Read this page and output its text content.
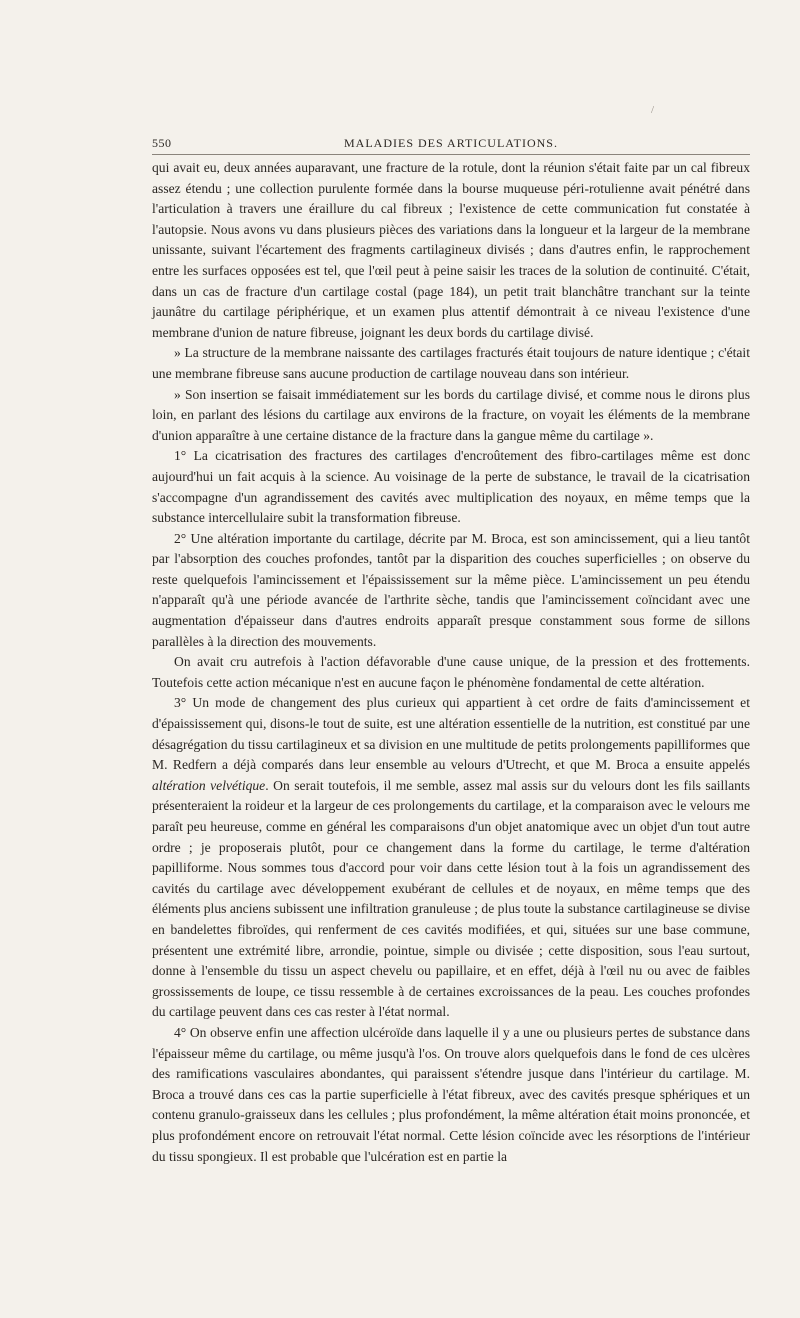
/
550	MALADIES DES ARTICULATIONS.

qui avait eu, deux années auparavant, une fracture de la rotule, dont la réunion s'était faite par un cal fibreux assez étendu ; une collection purulente formée dans la bourse muqueuse péri-rotulienne avait pénétré dans l'articulation à travers une éraillure du cal fibreux ; l'existence de cette communication fut constatée à l'autopsie. Nous avons vu dans plusieurs pièces des variations dans la longueur et la largeur de la membrane unissante, suivant l'écartement des fragments cartilagineux divisés ; dans d'autres enfin, le rapprochement entre les surfaces opposées est tel, que l'œil peut à peine saisir les traces de la solution de continuité. C'était, dans un cas de fracture d'un cartilage costal (page 184), un petit trait blanchâtre tranchant sur la teinte jaunâtre du cartilage périphérique, et un examen plus attentif démontrait à ce niveau l'existence d'une membrane d'union de nature fibreuse, joignant les deux bords du cartilage divisé.

» La structure de la membrane naissante des cartilages fracturés était toujours de nature identique ; c'était une membrane fibreuse sans aucune production de cartilage nouveau dans son intérieur.

» Son insertion se faisait immédiatement sur les bords du cartilage divisé, et comme nous le dirons plus loin, en parlant des lésions du cartilage aux environs de la fracture, on voyait les éléments de la membrane d'union apparaître à une certaine distance de la fracture dans la gangue même du cartilage ».

1° La cicatrisation des fractures des cartilages d'encroûtement des fibro-cartilages même est donc aujourd'hui un fait acquis à la science. Au voisinage de la perte de substance, le travail de la cicatrisation s'accompagne d'un agrandissement des cavités avec multiplication des noyaux, en même temps que la substance intercellulaire subit la transformation fibreuse.

2° Une altération importante du cartilage, décrite par M. Broca, est son amincissement, qui a lieu tantôt par l'absorption des couches profondes, tantôt par la disparition des couches superficielles ; on observe du reste quelquefois l'amincissement et l'épaississement sur la même pièce. L'amincissement un peu étendu n'apparaît qu'à une période avancée de l'arthrite sèche, tandis que l'amincissement coïncidant avec une augmentation d'épaisseur dans d'autres endroits apparaît presque constamment sous forme de sillons parallèles à la direction des mouvements.

On avait cru autrefois à l'action défavorable d'une cause unique, de la pression et des frottements. Toutefois cette action mécanique n'est en aucune façon le phénomène fondamental de cette altération.

3° Un mode de changement des plus curieux qui appartient à cet ordre de faits d'amincissement et d'épaississement qui, disons-le tout de suite, est une altération essentielle de la nutrition, est constitué par une désagrégation du tissu cartilagineux et sa division en une multitude de petits prolongements papilliformes que M. Redfern a déjà comparés dans leur ensemble au velours d'Utrecht, et que M. Broca a ensuite appelés altération velvétique. On serait toutefois, il me semble, assez mal assis sur du velours dont les fils saillants présenteraient la roideur et la largeur de ces prolongements du cartilage, et la comparaison avec le velours me paraît peu heureuse, comme en général les comparaisons d'un objet anatomique avec un objet d'un tout autre ordre ; je proposerais plutôt, pour ce changement dans la forme du cartilage, le terme d'altération papilliforme. Nous sommes tous d'accord pour voir dans cette lésion tout à la fois un agrandissement des cavités du cartilage avec développement exubérant de cellules et de noyaux, en même temps que des éléments plus anciens subissent une infiltration granuleuse ; de plus toute la substance cartilagineuse se divise en bandelettes fibroïdes, qui renferment de ces cavités modifiées, et qui, situées sur une base commune, présentent une extrémité libre, arrondie, pointue, simple ou divisée ; cette disposition, sous l'eau surtout, donne à l'ensemble du tissu un aspect chevelu ou papillaire, et en effet, déjà à l'œil nu ou avec de faibles grossissements de loupe, ce tissu ressemble à de certaines excroissances de la peau. Les couches profondes du cartilage peuvent dans ces cas rester à l'état normal.

4° On observe enfin une affection ulcéroïde dans laquelle il y a une ou plusieurs pertes de substance dans l'épaisseur même du cartilage, ou même jusqu'à l'os. On trouve alors quelquefois dans le fond de ces ulcères des ramifications vasculaires abondantes, qui paraissent s'étendre jusque dans l'intérieur du cartilage. M. Broca a trouvé dans ces cas la partie superficielle à l'état fibreux, avec des cavités presque sphériques et un contenu granulo-graisseux dans les cellules ; plus profondément, la même altération était moins prononcée, et plus profondément encore on retrouvait l'état normal. Cette lésion coïncide avec les résorptions de l'intérieur du tissu spongieux. Il est probable que l'ulcération est en partie la
